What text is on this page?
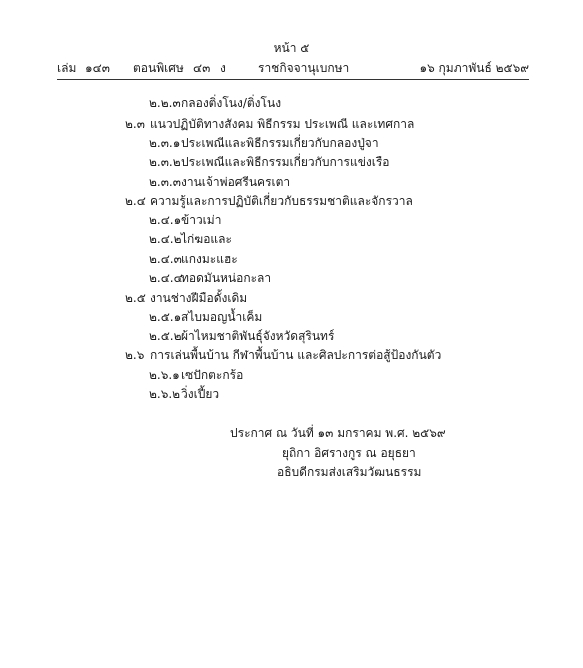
หน้า ๕
เล่ม ๑๔๓ ตอนพิเศษ ๔๓ ง	ราชกิจจานุเบกษา	๑๖ กุมภาพันธ์ ๒๕๖๙
๒.๒.๓ กลองติ่งโนง/ติ่งโนง
๒.๓ แนวปฏิบัติทางสังคม พิธีกรรม ประเพณี และเทศกาล
๒.๓.๑ ประเพณีและพิธีกรรมเกี่ยวกับกลองปู่จา
๒.๓.๒ ประเพณีและพิธีกรรมเกี่ยวกับการแข่งเรือ
๒.๓.๓ งานเจ้าพ่อศรีนครเตา
๒.๔ ความรู้และการปฏิบัติเกี่ยวกับธรรมชาติและจักรวาล
๒.๔.๑ ข้าวเม่า
๒.๔.๒ ไก่ฆอและ
๒.๔.๓ แกงมะแฮะ
๒.๔.๔
ทอดมันหน่อกะลา
๒.๕ งานช่างฝีมือดั้งเดิม
๒.๕.๑ สไบมอญน้ำเค็ม
๒.๕.๒ ผ้าไหมชาติพันธุ์จังหวัดสุรินทร์
๒.๖ การเล่นพื้นบ้าน กีฬาพื้นบ้าน และศิลปะการต่อสู้ป้องกันตัว
๒.๖.๑ เซปักตะกร้อ
๒.๖.๒ วิ่งเปี้ยว
ประกาศ ณ วันที่ ๑๓ มกราคม พ.ศ. ๒๕๖๙
ยุถิกา อิศรางกูร ณ อยุธยา
อธิบดีกรมส่งเสริมวัฒนธรรม
